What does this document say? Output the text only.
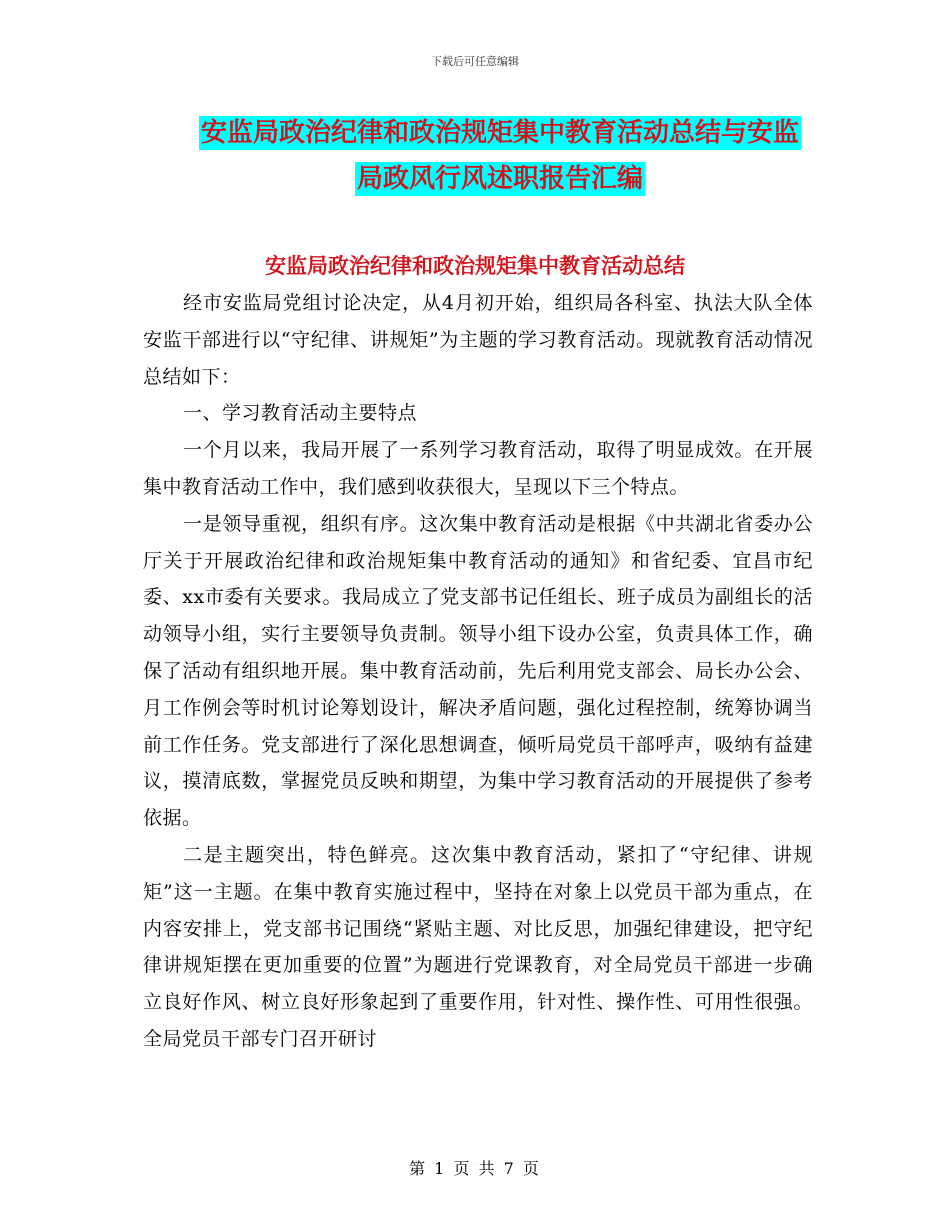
下载后可任意编辑
安监局政治纪律和政治规矩集中教育活动总结与安监
局政风行风述职报告汇编
安监局政治纪律和政治规矩集中教育活动总结

经市安监局党组讨论决定，从4月初开始，组织局各科室、执法大队全体安监干部进行以“守纪律、讲规矩”为主题的学习教育活动。现就教育活动情况总结如下：

一、学习教育活动主要特点

一个月以来，我局开展了一系列学习教育活动，取得了明显成效。在开展集中教育活动工作中，我们感到收获很大，呈现以下三个特点。

一是领导重视，组织有序。这次集中教育活动是根据《中共湖北省委办公厅关于开展政治纪律和政治规矩集中教育活动的通知》和省纪委、宜昌市纪委、xx市委有关要求。我局成立了党支部书记任组长、班子成员为副组长的活动领导小组，实行主要领导负责制。领导小组下设办公室，负责具体工作，确保了活动有组织地开展。集中教育活动前，先后利用党支部会、局长办公会、月工作例会等时机讨论筹划设计，解决矛盾问题，强化过程控制，统筹协调当前工作任务。党支部进行了深化思想调查，倾听局党员干部呼声，吸纳有益建议，摸清底数，掌握党员反映和期望，为集中学习教育活动的开展提供了参考依据。

二是主题突出，特色鲜亮。这次集中教育活动，紧扣了“守纪律、讲规矩”这一主题。在集中教育实施过程中，坚持在对象上以党员干部为重点，在内容安排上，党支部书记围绕“紧贴主题、对比反思，加强纪律建设，把守纪律讲规矩摆在更加重要的位置”为题进行党课教育，对全局党员干部进一步确立良好作风、树立良好形象起到了重要作用，针对性、操作性、可用性很强。全局党员干部专门召开研讨

第 1 页 共 7 页
